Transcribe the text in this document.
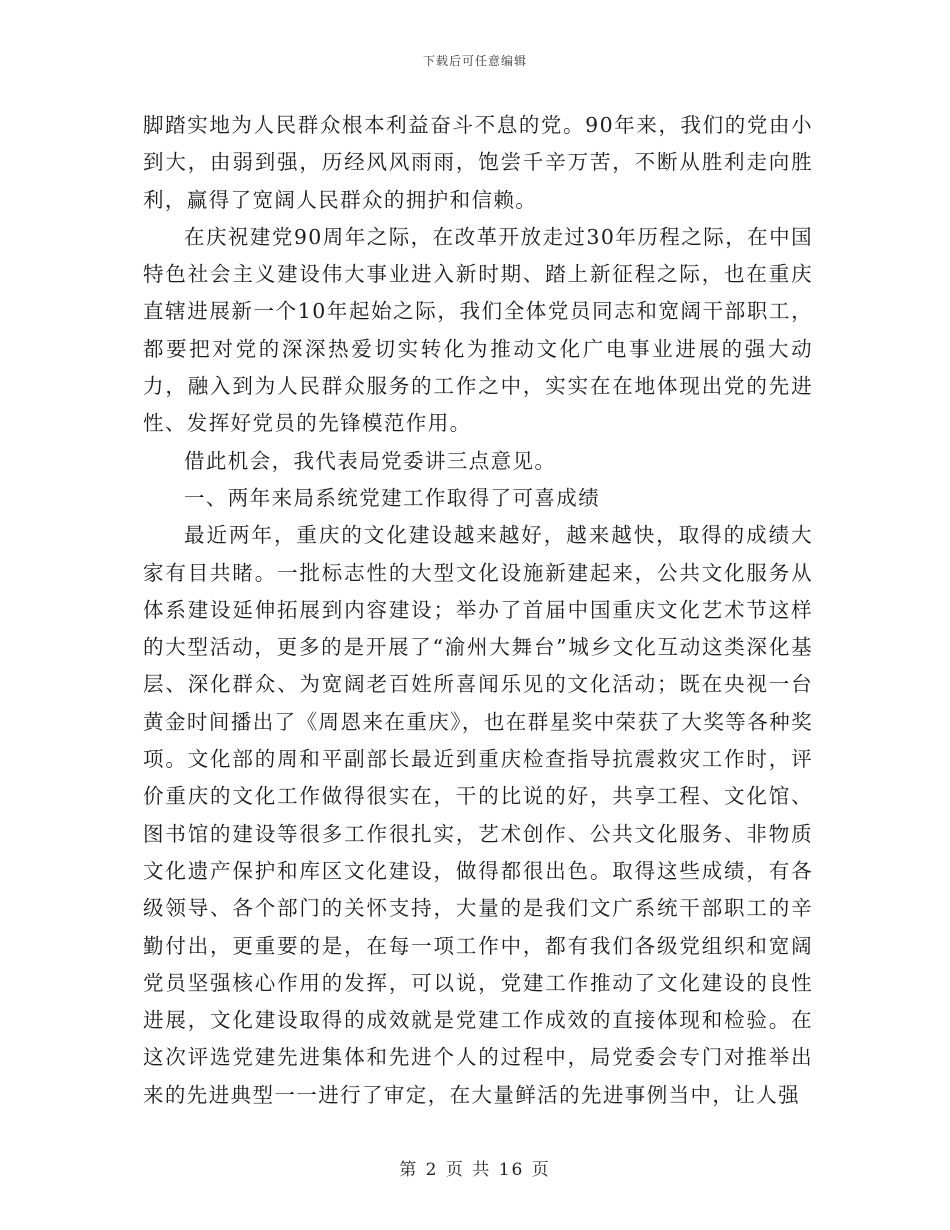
下载后可任意编辑

脚踏实地为人民群众根本利益奋斗不息的党。90年来，我们的党由小到大，由弱到强，历经风风雨雨，饱尝千辛万苦，不断从胜利走向胜利，赢得了宽阔人民群众的拥护和信赖。

在庆祝建党90周年之际，在改革开放走过30年历程之际，在中国特色社会主义建设伟大事业进入新时期、踏上新征程之际，也在重庆直辖进展新一个10年起始之际，我们全体党员同志和宽阔干部职工，都要把对党的深深热爱切实转化为推动文化广电事业进展的强大动力，融入到为人民群众服务的工作之中，实实在在地体现出党的先进性、发挥好党员的先锋模范作用。

借此机会，我代表局党委讲三点意见。

一、两年来局系统党建工作取得了可喜成绩

最近两年，重庆的文化建设越来越好，越来越快，取得的成绩大家有目共睹。一批标志性的大型文化设施新建起来，公共文化服务从体系建设延伸拓展到内容建设；举办了首届中国重庆文化艺术节这样的大型活动，更多的是开展了“渝州大舞台”城乡文化互动这类深化基层、深化群众、为宽阔老百姓所喜闻乐见的文化活动；既在央视一台黄金时间播出了《周恩来在重庆》，也在群星奖中荣获了大奖等各种奖项。文化部的周和平副部长最近到重庆检查指导抗震救灾工作时，评价重庆的文化工作做得很实在，干的比说的好，共享工程、文化馆、图书馆的建设等很多工作很扎实，艺术创作、公共文化服务、非物质文化遗产保护和库区文化建设，做得都很出色。取得这些成绩，有各级领导、各个部门的关怀支持，大量的是我们文广系统干部职工的辛勤付出，更重要的是，在每一项工作中，都有我们各级党组织和宽阔党员坚强核心作用的发挥，可以说，党建工作推动了文化建设的良性进展，文化建设取得的成效就是党建工作成效的直接体现和检验。在这次评选党建先进集体和先进个人的过程中，局党委会专门对推举出来的先进典型一一进行了审定，在大量鲜活的先进事例当中，让人强

第 2 页 共 16 页
